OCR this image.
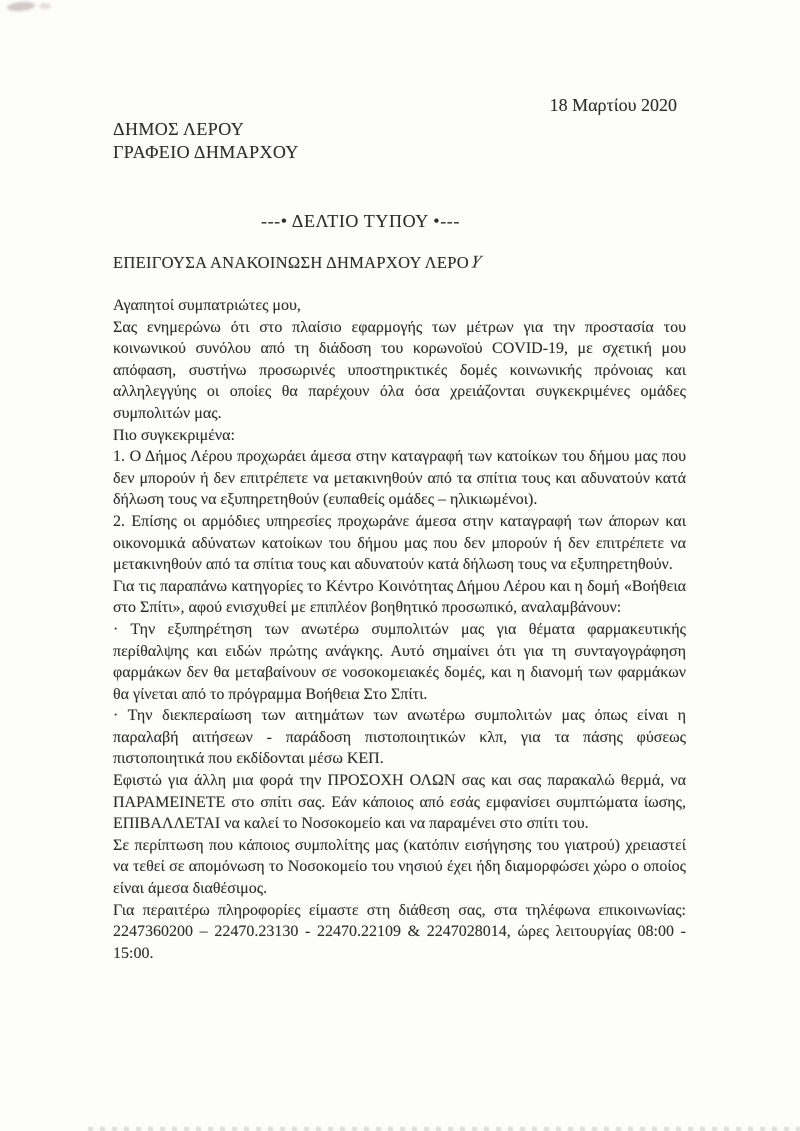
18 Μαρτίου 2020
ΔΗΜΟΣ ΛΕΡΟΥ
ΓΡΑΦΕΙΟ ΔΗΜΑΡΧΟΥ
---• ΔΕΛΤΙΟ ΤΥΠΟΥ •---
ΕΠΕΙΓΟΥΣΑ ΑΝΑΚΟΙΝΩΣΗ ΔΗΜΑΡΧΟΥ ΛΕΡΟΥ

Αγαπητοί συμπατριώτες μου,

Σας ενημερώνω ότι στο πλαίσιο εφαρμογής των μέτρων για την προστασία του κοινωνικού συνόλου από τη διάδοση του κορωνοϊού COVID-19, με σχετική μου απόφαση, συστήνω προσωρινές υποστηρικτικές δομές κοινωνικής πρόνοιας και αλληλεγγύης οι οποίες θα παρέχουν όλα όσα χρειάζονται συγκεκριμένες ομάδες συμπολιτών μας.

Πιο συγκεκριμένα:

1. Ο Δήμος Λέρου προχωράει άμεσα στην καταγραφή των κατοίκων του δήμου μας που δεν μπορούν ή δεν επιτρέπετε να μετακινηθούν από τα σπίτια τους και αδυνατούν κατά δήλωση τους να εξυπηρετηθούν (ευπαθείς ομάδες – ηλικιωμένοι).

2. Επίσης οι αρμόδιες υπηρεσίες προχωράνε άμεσα στην καταγραφή των άπορων και οικονομικά αδύνατων κατοίκων του δήμου μας που δεν μπορούν ή δεν επιτρέπετε να μετακινηθούν από τα σπίτια τους και αδυνατούν κατά δήλωση τους να εξυπηρετηθούν.

Για τις παραπάνω κατηγορίες το Κέντρο Κοινότητας Δήμου Λέρου και η δομή «Βοήθεια στο Σπίτι», αφού ενισχυθεί με επιπλέον βοηθητικό προσωπικό, αναλαμβάνουν:

· Την εξυπηρέτηση των ανωτέρω συμπολιτών μας για θέματα φαρμακευτικής περίθαλψης και ειδών πρώτης ανάγκης. Αυτό σημαίνει ότι για τη συνταγογράφηση φαρμάκων δεν θα μεταβαίνουν σε νοσοκομειακές δομές, και η διανομή των φαρμάκων θα γίνεται από το πρόγραμμα Βοήθεια Στο Σπίτι.

· Την διεκπεραίωση των αιτημάτων των ανωτέρω συμπολιτών μας όπως είναι η παραλαβή αιτήσεων - παράδοση πιστοποιητικών κλπ, για τα πάσης φύσεως πιστοποιητικά που εκδίδονται μέσω ΚΕΠ.

Εφιστώ για άλλη μια φορά την ΠΡΟΣΟΧΗ ΟΛΩΝ σας και σας παρακαλώ θερμά, να ΠΑΡΑΜΕΙΝΕΤΕ στο σπίτι σας. Εάν κάποιος από εσάς εμφανίσει συμπτώματα ίωσης, ΕΠΙΒΑΛΛΕΤΑΙ να καλεί το Νοσοκομείο και να παραμένει στο σπίτι του.

Σε περίπτωση που κάποιος συμπολίτης μας (κατόπιν εισήγησης του γιατρού) χρειαστεί να τεθεί σε απομόνωση το Νοσοκομείο του νησιού έχει ήδη διαμορφώσει χώρο ο οποίος είναι άμεσα διαθέσιμος.

Για περαιτέρω πληροφορίες είμαστε στη διάθεση σας, στα τηλέφωνα επικοινωνίας: 2247360200 – 22470.23130 - 22470.22109 & 2247028014, ώρες λειτουργίας 08:00 - 15:00.
